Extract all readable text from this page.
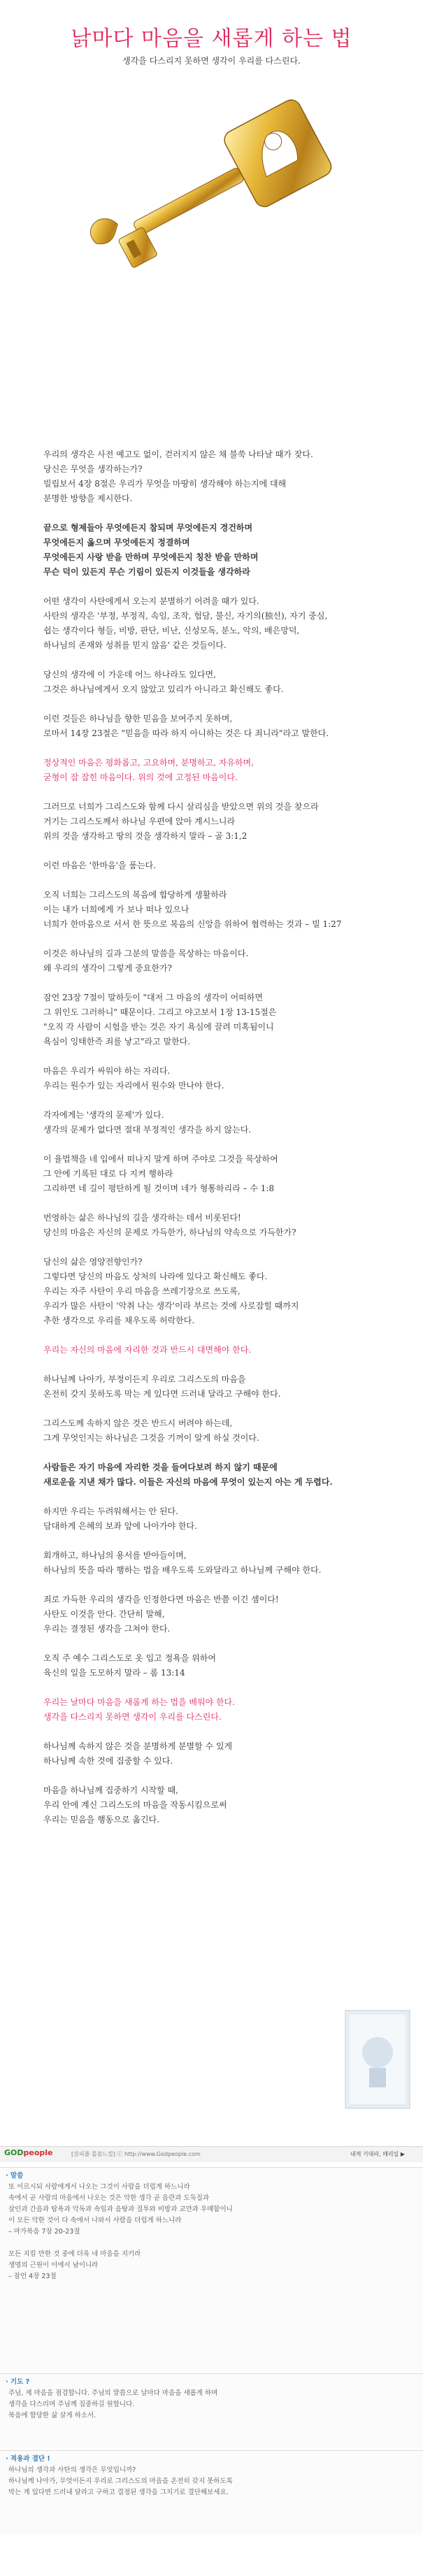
낡마다 마음을 새롭게 하는 법
생각을 다스리지 못하면 생각이 우리를 다스린다.
우리의 생각은 사전 예고도 없이, 걷러지지 않은 채 불쑥 나타날 때가 잦다.
당신은 무엇을 생각하는가?
빌립보서 4장 8절은 우리가 무엇을 마땅히 생각해야 하는지에 대해
분명한 방향을 제시한다.
끝으로 형제들아 무엇에든지 참되며 무엇에든지 경건하며
무엇에든지 옳으며 무엇에든지 정결하며
무엇에든지 사랑 받을 만하며 무엇에든지 칭찬 받을 만하며
무슨 덕이 있든지 무슨 기림이 있든지 이것들을 생각하라
어떤 생각이 사탄에게서 오는지 분별하기 어려울 때가 있다.
사탄의 생각은 '부정, 부정직, 속임, 조작, 험담, 불신, 자기의(独선), 자기 중심,
쉽는 생각이다 형들, 비방, 판단, 비난, 신성모독, 분노, 악의, 배은망덕,
하나님의 존재와 성취를 믿지 않음' 같은 것들이다.
당신의 생각에 이 가운데 어느 하나라도 있다면,
그것은 하나님에게서 오지 않았고 있리가 아니라고 확신해도 좋다.
이런 것들은 하나님을 향한 믿음을 보여주지 못하며,
로마서 14장 23절은 "믿음을 따라 하지 아니하는 것은 다 죄니라"라고 말한다.
정상적인 마음은 평화롭고, 고요하며, 분명하고, 자유하며,
굳형이 잡 잡힌 마음이다. 위의 것에 고정된 마음이다.
그러므로 너희가 그리스도와 함께 다시 살리심을 받았으면 위의 것을 찾으라
거기는 그리스도께서 하나님 우편에 앉아 계시느니라
위의 것을 생각하고 땅의 것을 생각하지 말라 – 골 3:1,2
이런 마음은 '한마음'을 품는다.
오직 너희는 그리스도의 복음에 합당하게 생활하라
이는 내가 너희에게 가 보나 떠나 있으나
너희가 한마음으로 서서 한 뜻으로 복음의 신앙을 위하여 협력하는 것과 – 빌 1:27
이것은 하나님의 길과 그분의 말씀을 목상하는 마음이다.
왜 우리의 생각이 그렇게 중요한가?
잠언 23장 7절이 말하듯이 "대저 그 마음의 생각이 어떠하면
그 위인도 그러하니" 때문이다. 그리고 야고보서 1장 13-15절은
"오직 각 사람이 시험을 받는 것은 자기 욕심에 끌려 미혹됨이니
욕심이 잉태한즉 죄를 낳고"라고 말한다.
마음은 우리가 싸워야 하는 자리다.
우리는 원수가 있는 자리에서 원수와 만나야 한다.
각자에게는 '생각의 문제'가 있다.
생각의 문제가 없다면 절대 부정적인 생각을 하지 않는다.
이 율법책을 네 입에서 떠나지 말게 하며 주야로 그것을 묵상하여
그 안에 기록된 대로 다 지켜 행하라
그리하면 네 길이 평탄하게 될 것이며 네가 형통하리라 – 수 1:8
번영하는 삶은 하나님의 길을 생각하는 데서 비롯된다!
당신의 마음은 자신의 문제로 가득한가, 하나님의 약속으로 가득한가?
당신의 삶은 영양전향인가?
그렇다면 당신의 마음도 상처의 나라에 있다고 확신해도 좋다.
우리는 자주 사탄이 우리 마음을 쓰레기장으로 쓰도록,
우리가 많은 사탄이 '악취 나는 생각'이라 부르는 것에 사로잡힐 때까지
추한 생각으로 우리를 채우도록 허락한다.
우리는 자신의 마음에 자리한 것과 반드시 대면해야 한다.
하나님께 나아가, 부정이든지 우리로 그리스도의 마음을
온전히 갖지 못하도록 막는 게 있다면 드러내 달라고 구해야 한다.
그리스도께 속하지 않은 것은 반드시 버려야 하는데,
그게 무엇인지는 하나님은 그것을 기꺼이 알게 하실 것이다.
사람들은 자기 마음에 자리한 것을 들여다보려 하지 않기 때문에
새로운을 지낸 채가 많다. 이들은 자신의 마음에 무엇이 있는지 아는 게 두렵다.
하지만 우리는 두려워해서는 안 된다.
담대하게 은혜의 보좌 앞에 나아가야 한다.
회개하고, 하나님의 용서를 받아들이며,
하나님의 뜻을 따라 행하는 법을 배우도록 도와달라고 하나님께 구해야 한다.
죄로 가득한 우리의 생각을 인정한다면 마음은 반쯤 이긴 셈이다!
사탄도 이것을 안다. 간단히 말해,
우리는 결정된 생각을 그쳐야 한다.
오직 주 예수 그리스도로 옷 입고 정욕을 위하여
육신의 일을 도모하지 말라 – 롬 13:14
우리는 날마다 마음을 새롭게 하는 법을 배워야 한다.
생각을 다스리지 못하면 생각이 우리를 다스린다.
하나님께 속하지 않은 것을 분명하게 분별할 수 있게
하나님께 속한 것에 집중할 수 있다.
마음을 하나님께 집중하기 시작할 때,
우리 안에 계신 그리스도의 마음을 작동시킴으로써
우리는 믿음을 행동으로 옮긴다.
GODpeople	[갓피플 몰씀느낌] ⓒ http://www.Godpeople.com	내게 기대라, 매리일 ▶
· 말씀
또 이르시되 사람에게서 나오는 그것이 사람을 더럽게 하느니라
속에서 곧 사람의 마음에서 나오는 것은 악한 생각 곧 음란과 도둑질과
살인과 간음과 탐욕과 악독과 속임과 음탕과 질투와 비방과 교만과 우매함이니
이 모든 악한 것이 다 속에서 나와서 사람을 더럽게 하느니라
– 마가복음 7장 20-23절

모든 지킬 만한 것 중에 더욱 네 마음을 지키라
생명의 근원이 이에서 남이니라
– 잠언 4장 23절
· 기도 ?
주님, 제 마음을 점검합니다. 주님의 말씀으로 날마다 마음을 새롭게 하며
생각을 다스리며 주님께 집중하길 원합니다.
복음에 합당한 삶 살게 하소서.
· 적용과 결단 !
하나님의 생각과 사탄의 생각은 무엇입니까?
하나님께 나아가, 무엇이든지 우리로 그리스도의 마음을 온전히 갖지 못하도록
막는 게 있다면 드러내 달라고 구하고 결정된 생각을 그치기로 결단해보세요.
